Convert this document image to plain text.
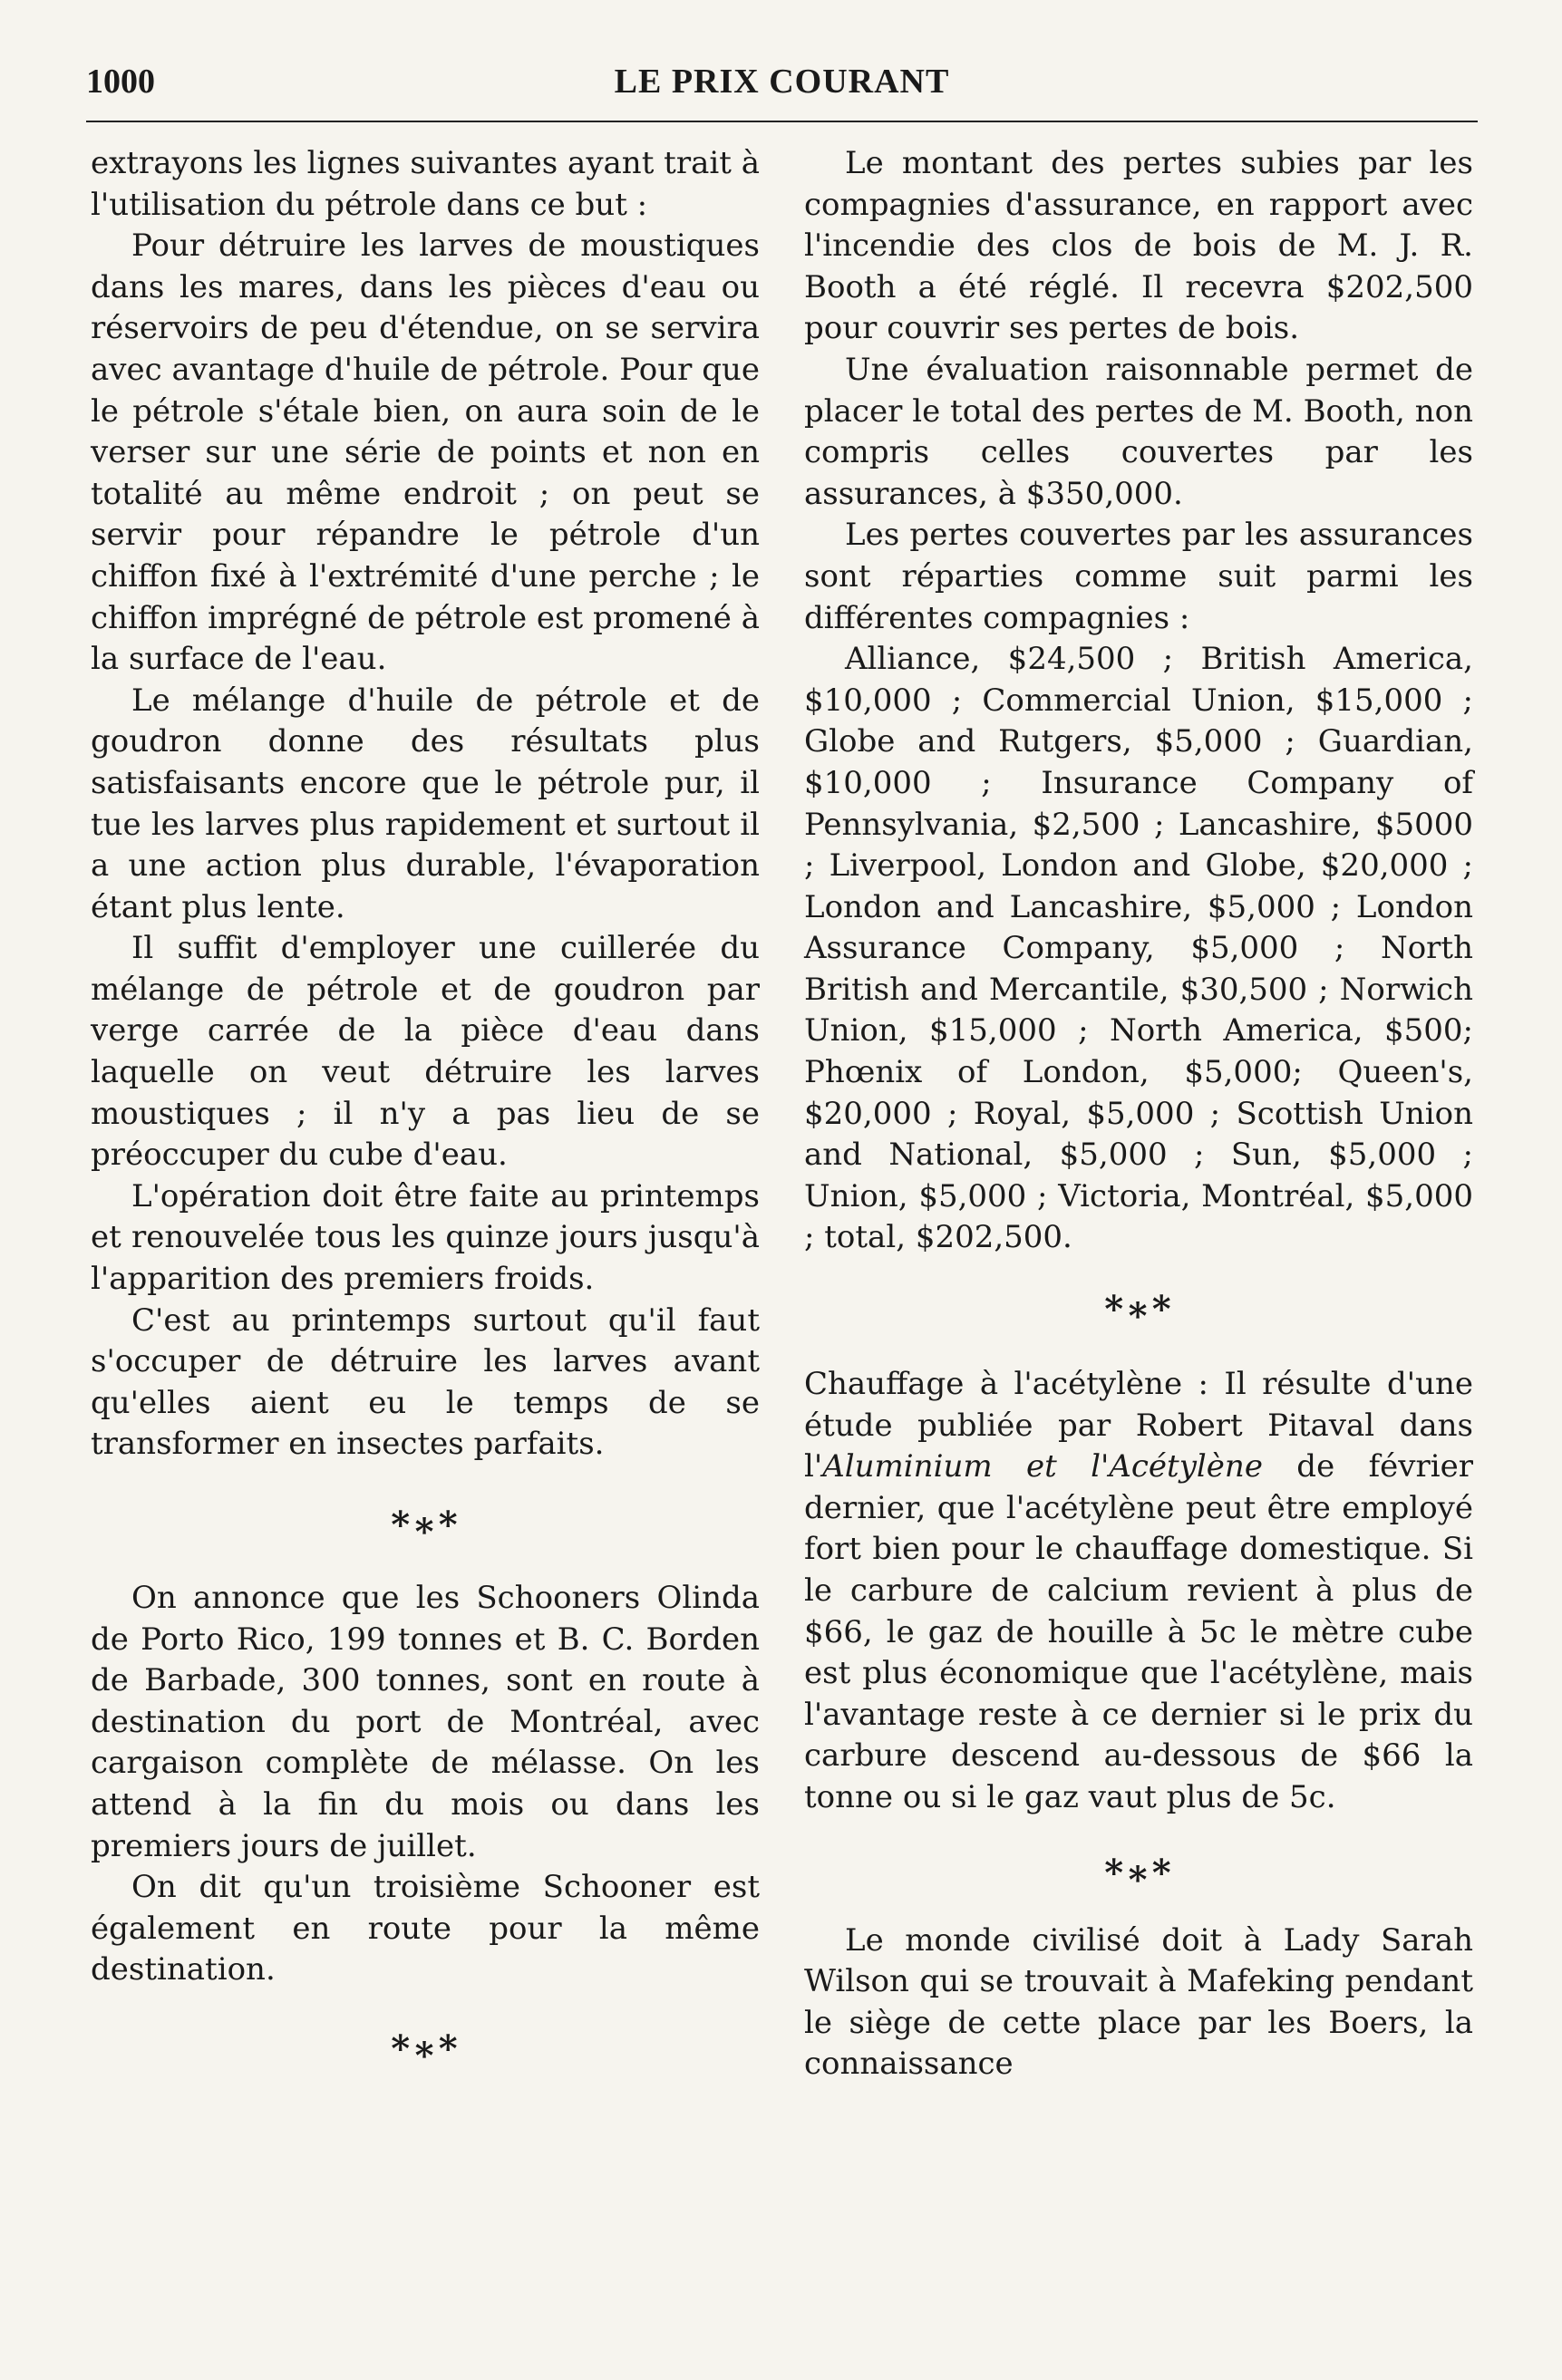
1000	LE PRIX COURANT

extrayons les lignes suivantes ayant trait à l'utilisation du pétrole dans ce but :

Pour détruire les larves de moustiques dans les mares, dans les pièces d'eau ou réservoirs de peu d'étendue, on se servira avec avantage d'huile de pétrole. Pour que le pétrole s'étale bien, on aura soin de le verser sur une série de points et non en totalité au même endroit ; on peut se servir pour répandre le pétrole d'un chiffon fixé à l'extrémité d'une perche ; le chiffon imprégné de pétrole est promené à la surface de l'eau.

Le mélange d'huile de pétrole et de goudron donne des résultats plus satisfaisants encore que le pétrole pur, il tue les larves plus rapidement et surtout il a une action plus durable, l'évaporation étant plus lente.

Il suffit d'employer une cuillerée du mélange de pétrole et de goudron par verge carrée de la pièce d'eau dans laquelle on veut détruire les larves moustiques ; il n'y a pas lieu de se préoccuper du cube d'eau.

L'opération doit être faite au printemps et renouvelée tous les quinze jours jusqu'à l'apparition des premiers froids.

C'est au printemps surtout qu'il faut s'occuper de détruire les larves avant qu'elles aient eu le temps de se transformer en insectes parfaits.

*∗*

On annonce que les Schooners Olinda de Porto Rico, 199 tonnes et B. C. Borden de Barbade, 300 tonnes, sont en route à destination du port de Montréal, avec cargaison complète de mélasse. On les attend à la fin du mois ou dans les premiers jours de juillet.

On dit qu'un troisième Schooner est également en route pour la même destination.

*∗*

Le montant des pertes subies par les compagnies d'assurance, en rapport avec l'incendie des clos de bois de M. J. R. Booth a été réglé. Il recevra $202,500 pour couvrir ses pertes de bois.

Une évaluation raisonnable permet de placer le total des pertes de M. Booth, non compris celles couvertes par les assurances, à $350,000.

Les pertes couvertes par les assurances sont réparties comme suit parmi les différentes compagnies :

Alliance, $24,500 ; British America, $10,000 ; Commercial Union, $15,000 ; Globe and Rutgers, $5,000 ; Guardian, $10,000 ; Insurance Company of Pennsylvania, $2,500 ; Lancashire, $5000 ; Liverpool, London and Globe, $20,000 ; London and Lancashire, $5,000 ; London Assurance Company, $5,000 ; North British and Mercantile, $30,500 ; Norwich Union, $15,000 ; North America, $500; Phœnix of London, $5,000; Queen's, $20,000 ; Royal, $5,000 ; Scottish Union and National, $5,000 ; Sun, $5,000 ; Union, $5,000 ; Victoria, Montréal, $5,000 ; total, $202,500.

*∗*

Chauffage à l'acétylène : Il résulte d'une étude publiée par Robert Pitaval dans l'Aluminium et l'Acétylène de février dernier, que l'acétylène peut être employé fort bien pour le chauffage domestique. Si le carbure de calcium revient à plus de $66, le gaz de houille à 5c le mètre cube est plus économique que l'acétylène, mais l'avantage reste à ce dernier si le prix du carbure descend au-dessous de $66 la tonne ou si le gaz vaut plus de 5c.

*∗*

Le monde civilisé doit à Lady Sarah Wilson qui se trouvait à Mafeking pendant le siège de cette place par les Boers, la connaissance
